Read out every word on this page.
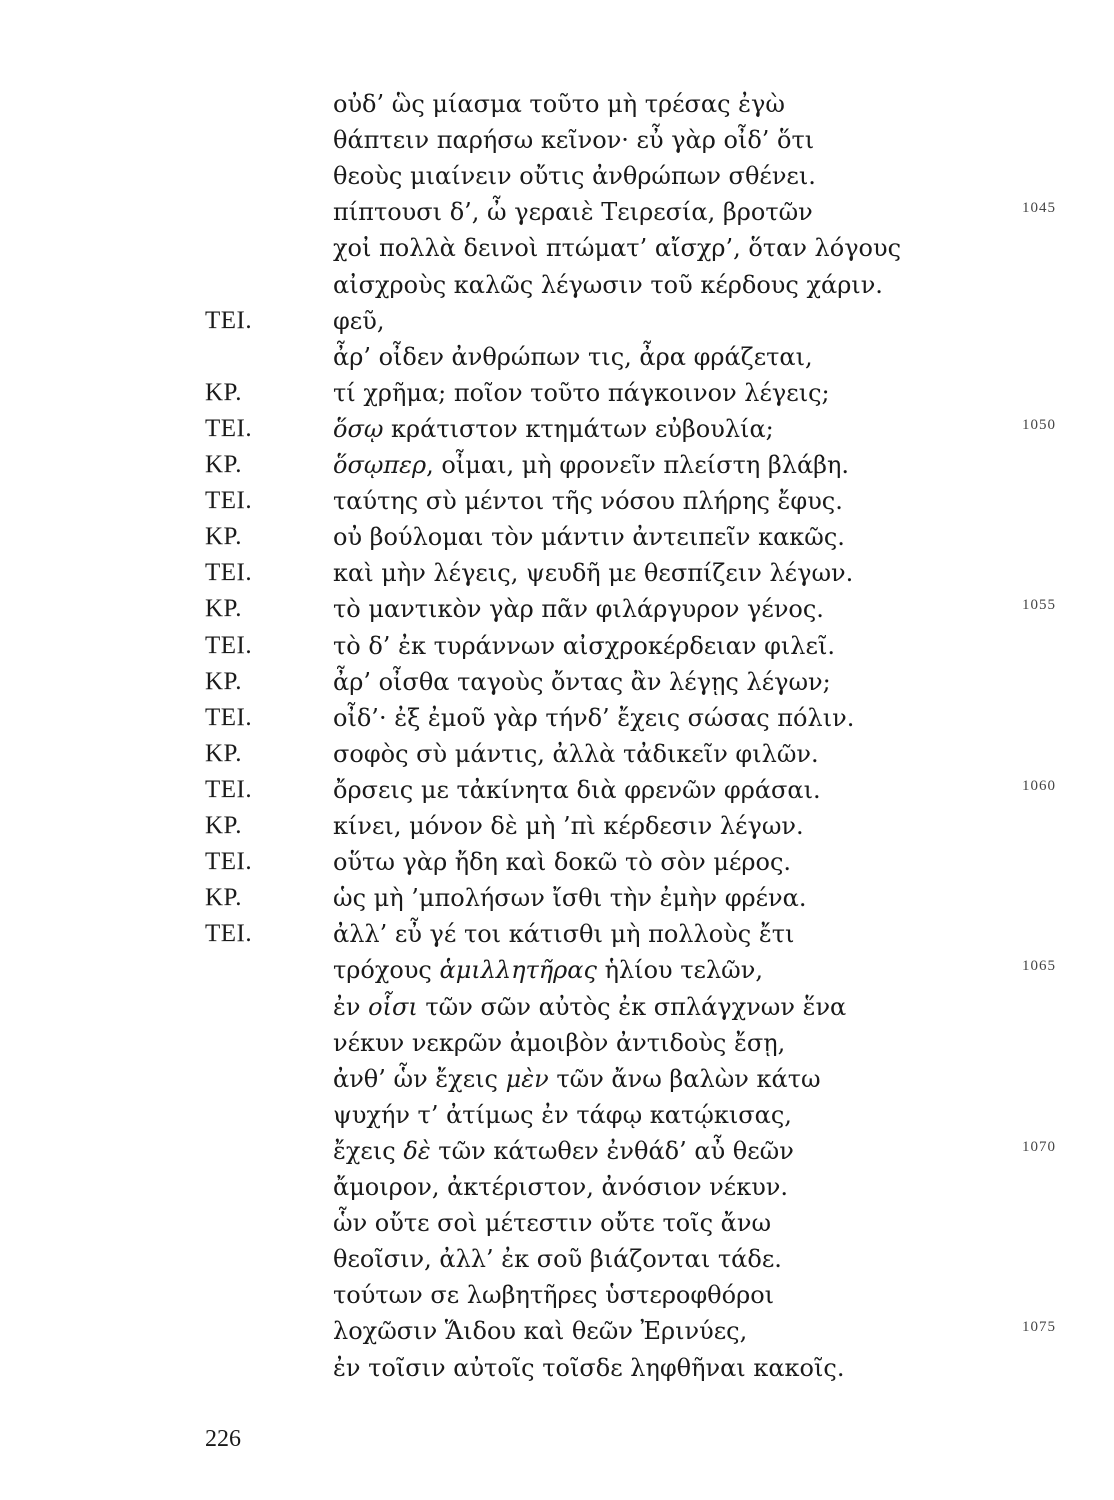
οὐδ’ ὣς μίασμα τοῦτο μὴ τρέσας ἐγὼ
θάπτειν παρήσω κεῖνον· εὖ γὰρ οἶδ’ ὅτι
θεοὺς μιαίνειν οὔτις ἀνθρώπων σθένει.
πίπτουσι δ’, ὦ γεραιὲ Τειρεσία, βροτῶν	1045
χοἰ πολλὰ δεινοὶ πτώματ’ αἴσχρ’, ὅταν λόγους
αἰσχροὺς καλῶς λέγωσιν τοῦ κέρδους χάριν.
ΤΕΙ.	φεῦ,
ἆρ’ οἶδεν ἀνθρώπων τις, ἆρα φράζεται,
ΚΡ.	τί χρῆμα; ποῖον τοῦτο πάγκοινον λέγεις;
ΤΕΙ.	ὅσῳ κράτιστον κτημάτων εὐβουλία;	1050
ΚΡ.	ὅσῳπερ, οἶμαι, μὴ φρονεῖν πλείστη βλάβη.
ΤΕΙ.	ταύτης σὺ μέντοι τῆς νόσου πλήρης ἔφυς.
ΚΡ.	οὐ βούλομαι τὸν μάντιν ἀντειπεῖν κακῶς.
ΤΕΙ.	καὶ μὴν λέγεις, ψευδῆ με θεσπίζειν λέγων.
ΚΡ.	τὸ μαντικὸν γὰρ πᾶν φιλάργυρον γένος.	1055
ΤΕΙ.	τὸ δ’ ἐκ τυράννων αἰσχροκέρδειαν φιλεῖ.
ΚΡ.	ἆρ’ οἶσθα ταγοὺς ὄντας ἂν λέγῃς λέγων;
ΤΕΙ.	οἶδ’· ἐξ ἐμοῦ γὰρ τήνδ’ ἔχεις σώσας πόλιν.
ΚΡ.	σοφὸς σὺ μάντις, ἀλλὰ τἀδικεῖν φιλῶν.
ΤΕΙ.	ὄρσεις με τἀκίνητα διὰ φρενῶν φράσαι.	1060
ΚΡ.	κίνει, μόνον δὲ μὴ ’πὶ κέρδεσιν λέγων.
ΤΕΙ.	οὕτω γὰρ ἤδη καὶ δοκῶ τὸ σὸν μέρος.
ΚΡ.	ὡς μὴ ’μπολήσων ἴσθι τὴν ἐμὴν φρένα.
ΤΕΙ.	ἀλλ’ εὖ γέ τοι κάτισθι μὴ πολλοὺς ἔτι
τρόχους ἁμιλλητῆρας ἡλίου τελῶν,	1065
ἐν οἷσι τῶν σῶν αὐτὸς ἐκ σπλάγχνων ἕνα
νέκυν νεκρῶν ἀμοιβὸν ἀντιδοὺς ἔσῃ,
ἀνθ’ ὧν ἔχεις μὲν τῶν ἄνω βαλὼν κάτω
ψυχήν τ’ ἀτίμως ἐν τάφῳ κατῴκισας,
ἔχεις δὲ τῶν κάτωθεν ἐνθάδ’ αὖ θεῶν	1070
ἄμοιρον, ἀκτέριστον, ἀνόσιον νέκυν.
ὧν οὔτε σοὶ μέτεστιν οὔτε τοῖς ἄνω
θεοῖσιν, ἀλλ’ ἐκ σοῦ βιάζονται τάδε.
τούτων σε λωβητῆρες ὑστεροφθόροι
λοχῶσιν Ἅιδου καὶ θεῶν Ἐρινύες,	1075
ἐν τοῖσιν αὐτοῖς τοῖσδε ληφθῆναι κακοῖς.
226
